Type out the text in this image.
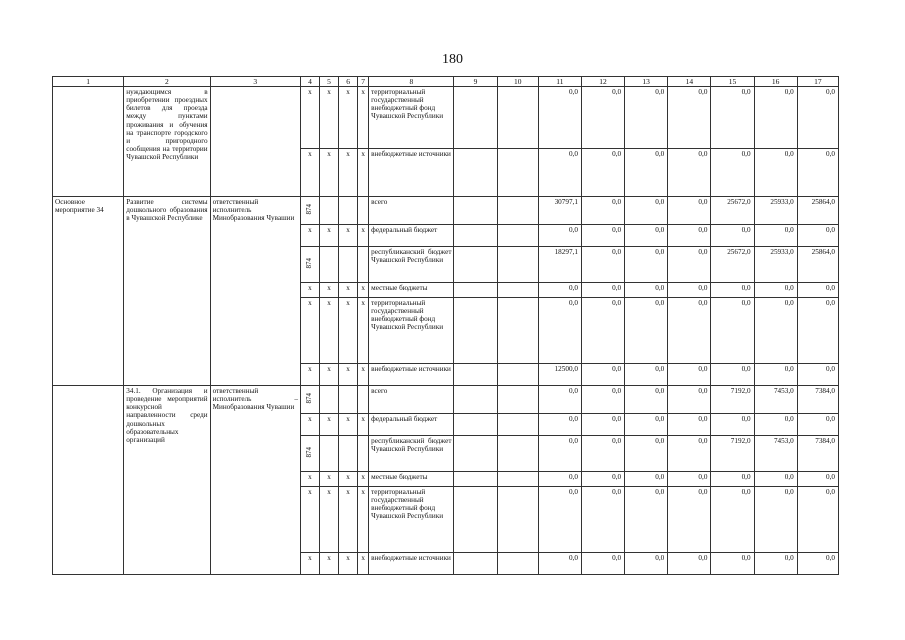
180
1	2	3	4	5	6	7	8	9	10	11	12	13	14	15	16	17
	нуждающимся в приобретении проездных билетов для проезда между пунктами проживания и обучения на транспорте городского и пригородного сообщения на территории Чувашской Республики		x	x	x	x	территориальный государственный внебюджетный фонд Чувашской Республики			0,0	0,0	0,0	0,0	0,0	0,0	0,0
			x	x	x	x	внебюджетные источники			0,0	0,0	0,0	0,0	0,0	0,0	0,0
Основное мероприятие 34	Развитие системы дошкольного образования в Чувашской Республике	ответственный исполнитель Минобразования Чувашии	874				всего			30797,1	0,0	0,0	0,0	25672,0	25933,0	25864,0
			x	x	x	x	федеральный бюджет			0,0	0,0	0,0	0,0	0,0	0,0	0,0
			874				республиканский бюджет Чувашской Республики			18297,1	0,0	0,0	0,0	25672,0	25933,0	25864,0
			x	x	x	x	местные бюджеты			0,0	0,0	0,0	0,0	0,0	0,0	0,0
			x	x	x	x	территориальный государственный внебюджетный фонд Чувашской Республики			0,0	0,0	0,0	0,0	0,0	0,0	0,0
			x	x	x	x	внебюджетные источники			12500,0	0,0	0,0	0,0	0,0	0,0	0,0
	34.1. Организация и проведение мероприятий конкурсной направленности среди дошкольных образовательных организаций	ответственный исполнитель – Минобразования Чувашии	874				всего			0,0	0,0	0,0	0,0	7192,0	7453,0	7384,0
			x	x	x	x	федеральный бюджет			0,0	0,0	0,0	0,0	0,0	0,0	0,0
			874				республиканский бюджет Чувашской Республики			0,0	0,0	0,0	0,0	7192,0	7453,0	7384,0
			x	x	x	x	местные бюджеты			0,0	0,0	0,0	0,0	0,0	0,0	0,0
			x	x	x	x	территориальный государственный внебюджетный фонд Чувашской Республики			0,0	0,0	0,0	0,0	0,0	0,0	0,0
			x	x	x	x	внебюджетные источники			0,0	0,0	0,0	0,0	0,0	0,0	0,0
